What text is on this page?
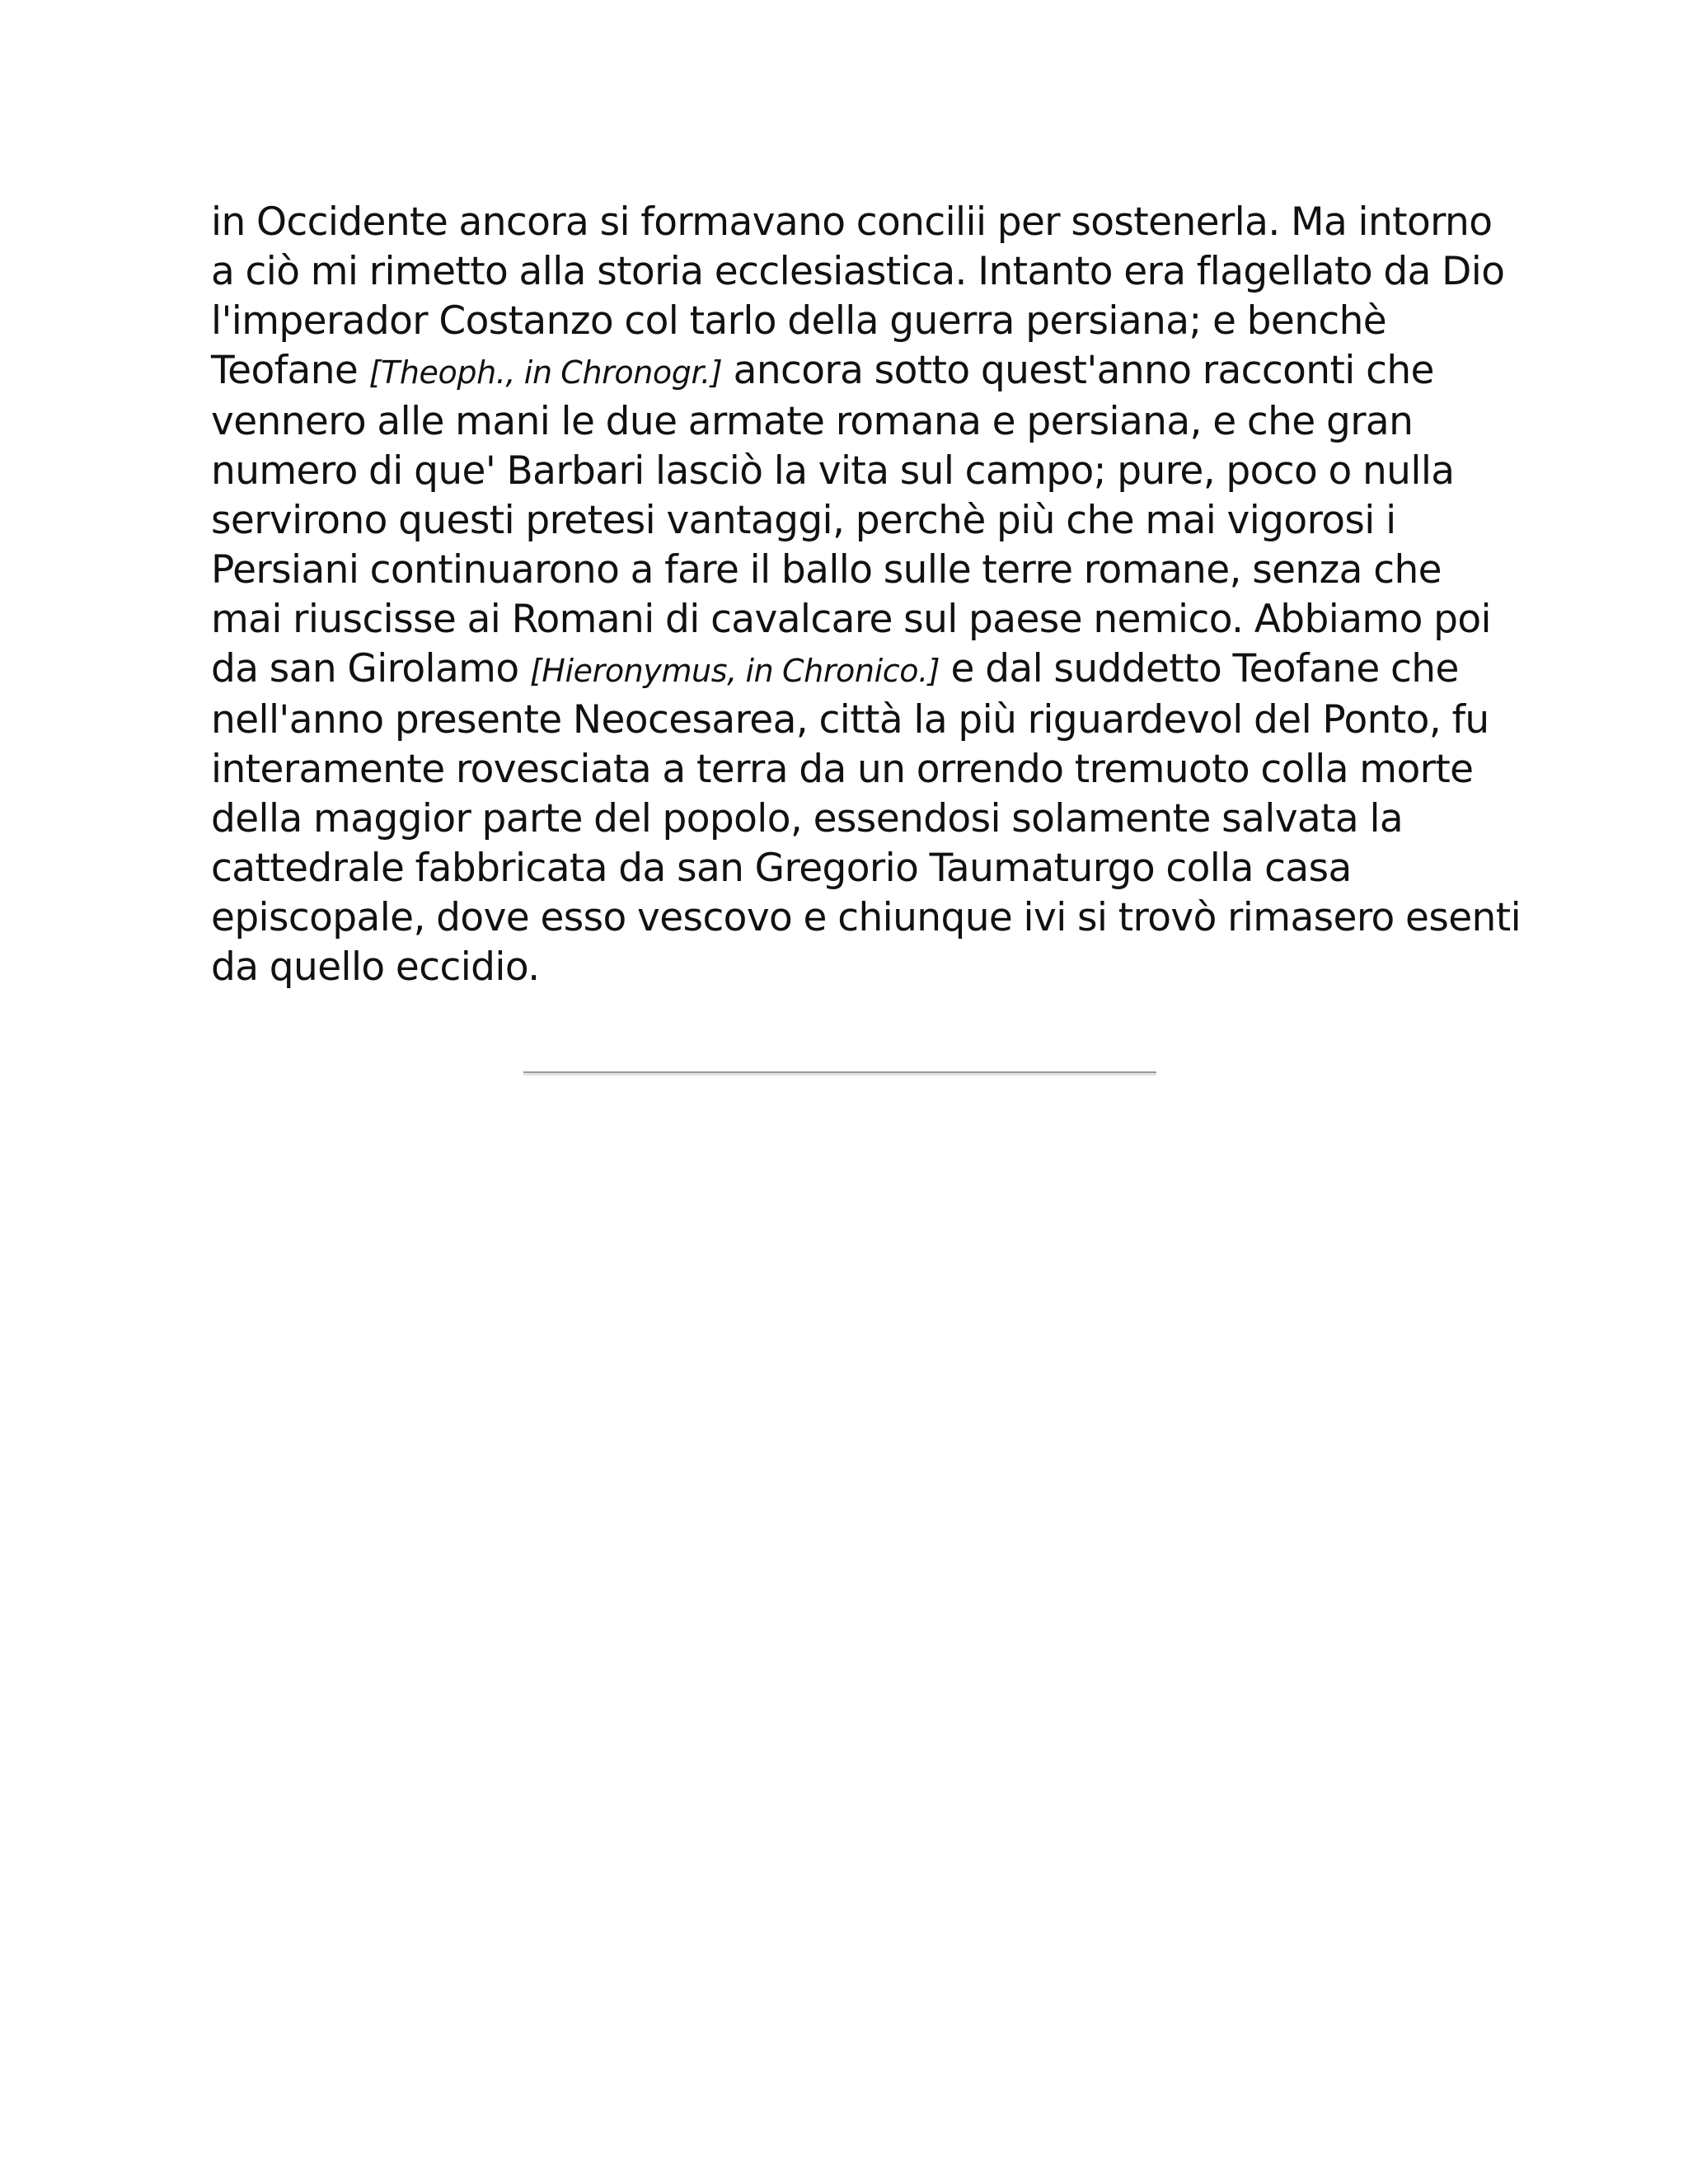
in Occidente ancora si formavano concilii per sostenerla. Ma intorno
a ciò mi rimetto alla storia ecclesiastica. Intanto era flagellato da Dio
l'imperador Costanzo col tarlo della guerra persiana; e benchè
Teofane [Theoph., in Chronogr.] ancora sotto quest'anno racconti che
vennero alle mani le due armate romana e persiana, e che gran
numero di que' Barbari lasciò la vita sul campo; pure, poco o nulla
servirono questi pretesi vantaggi, perchè più che mai vigorosi i
Persiani continuarono a fare il ballo sulle terre romane, senza che
mai riuscisse ai Romani di cavalcare sul paese nemico. Abbiamo poi
da san Girolamo [Hieronymus, in Chronico.] e dal suddetto Teofane che
nell'anno presente Neocesarea, città la più riguardevol del Ponto, fu
interamente rovesciata a terra da un orrendo tremuoto colla morte
della maggior parte del popolo, essendosi solamente salvata la
cattedrale fabbricata da san Gregorio Taumaturgo colla casa
episcopale, dove esso vescovo e chiunque ivi si trovò rimasero esenti
da quello eccidio.
